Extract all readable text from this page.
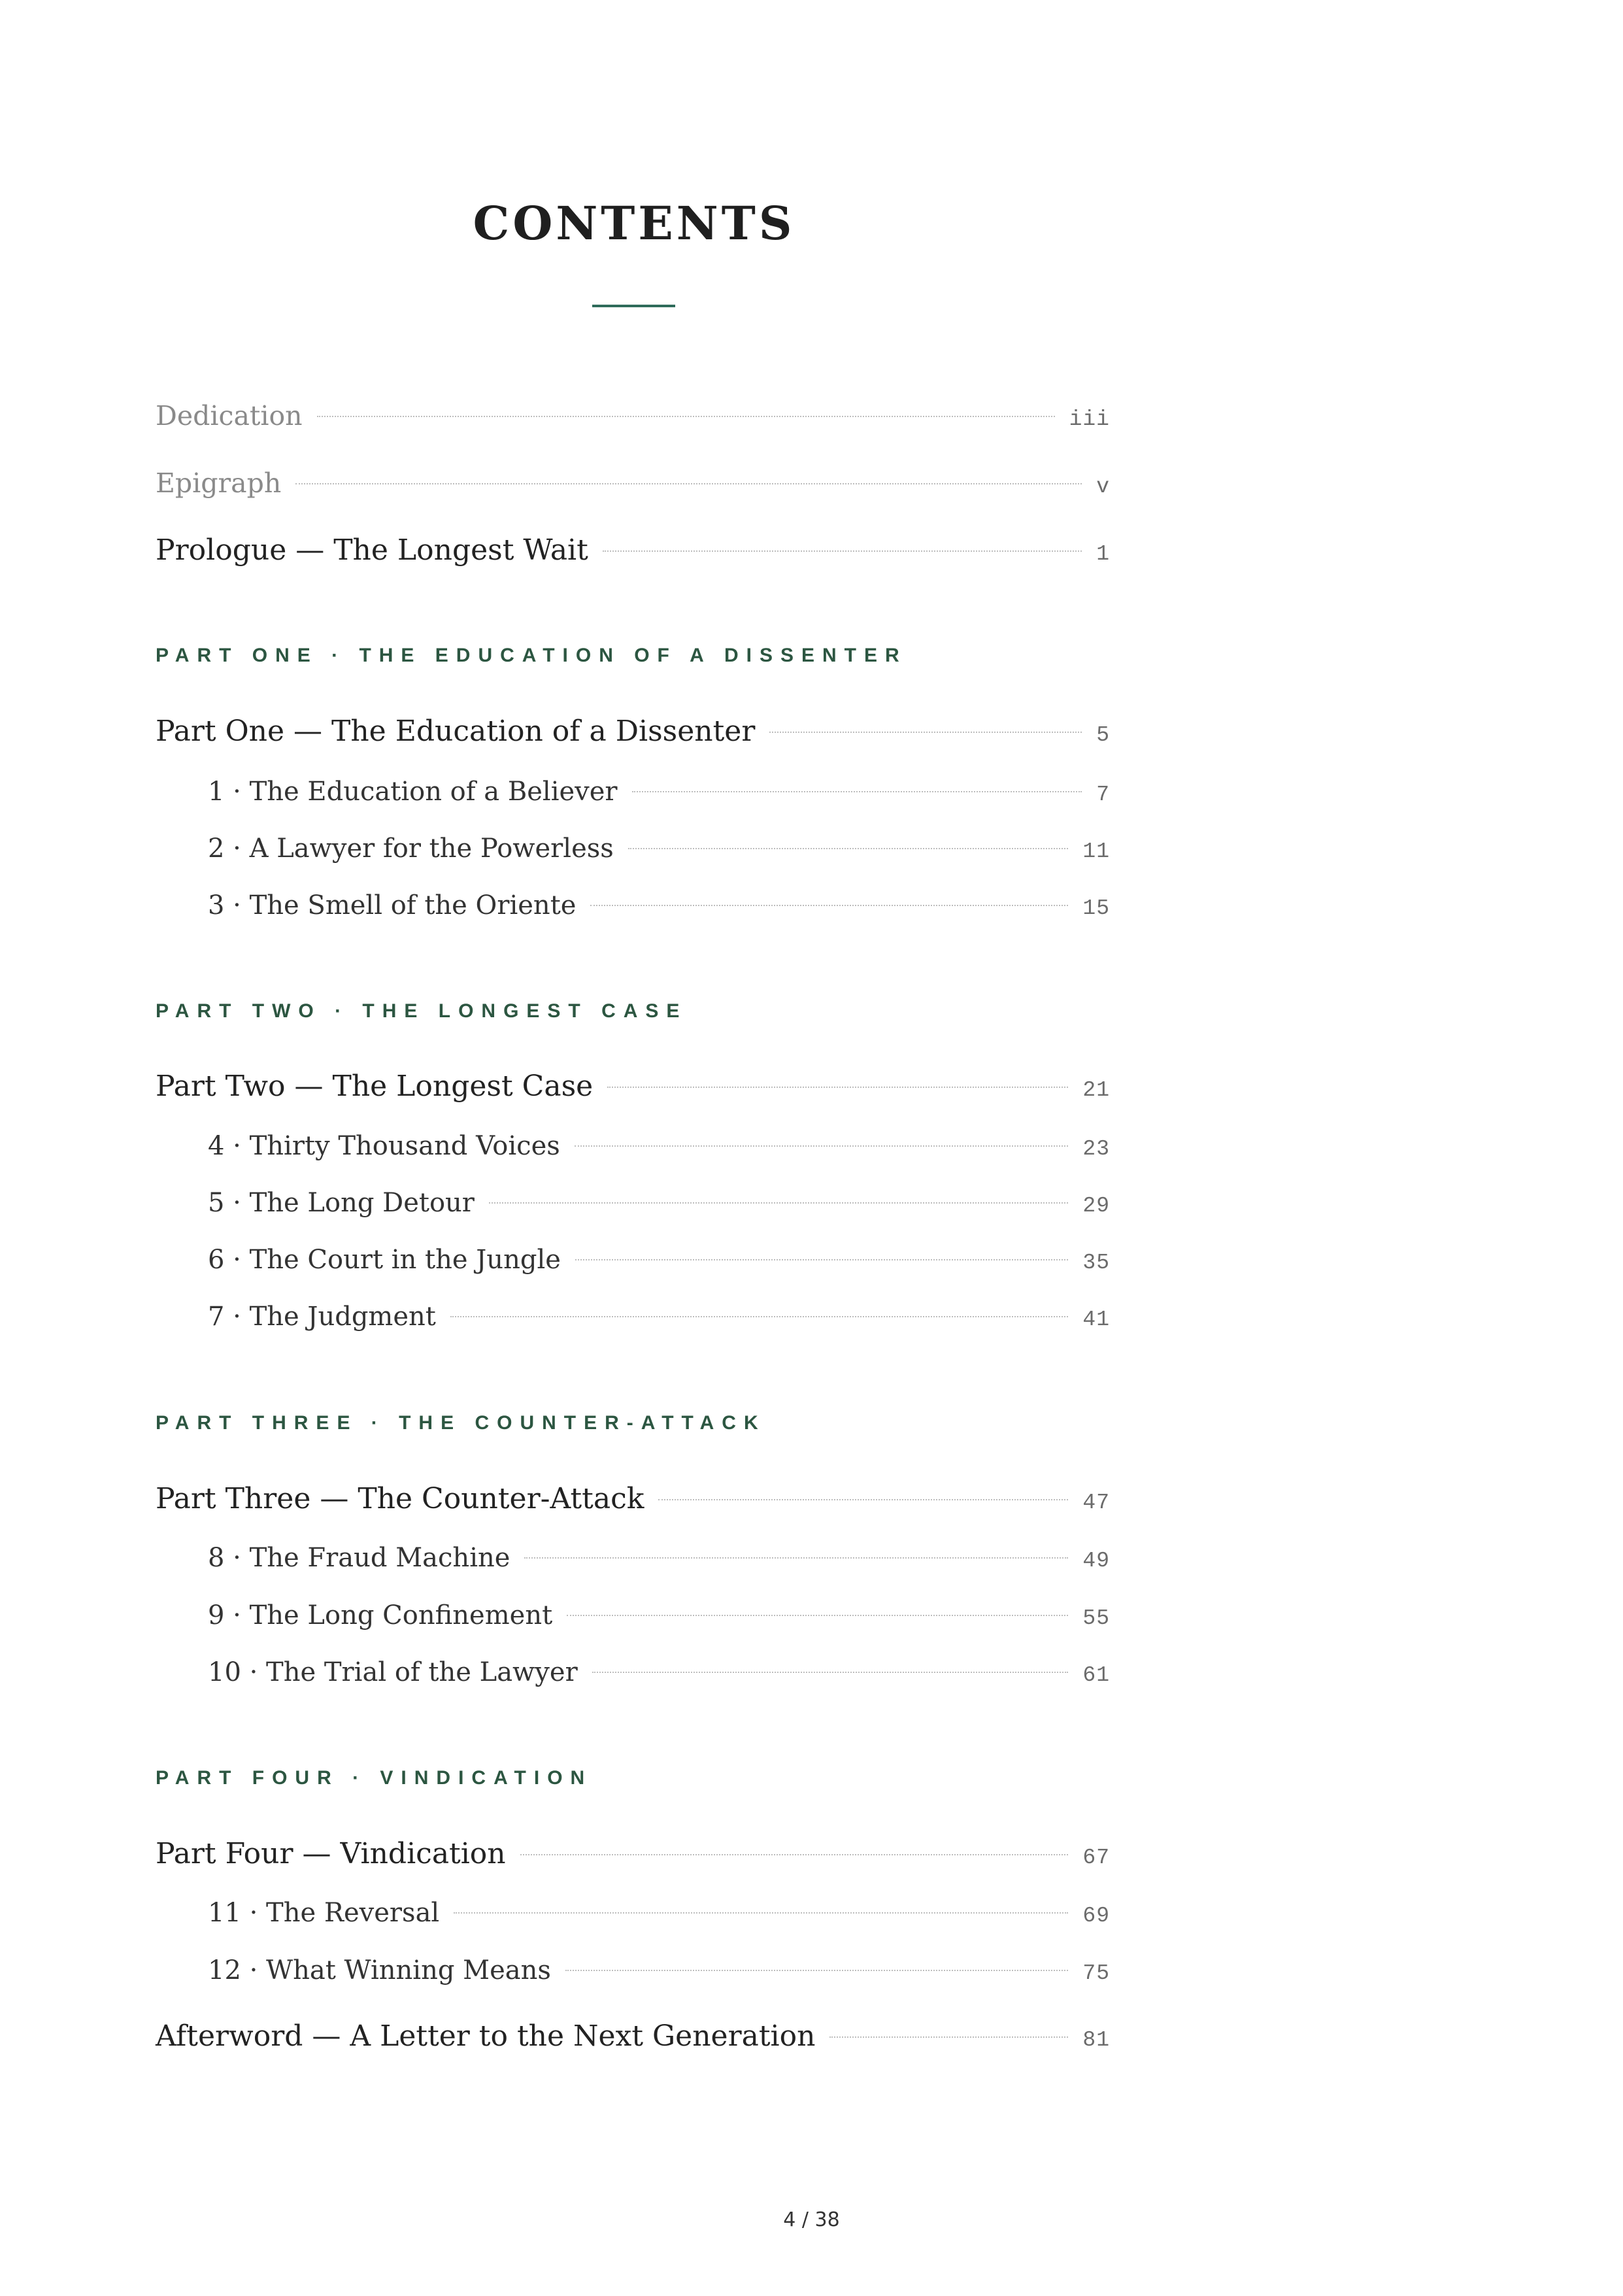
CONTENTS
Dedication	iii
Epigraph	v
Prologue — The Longest Wait	1
PART ONE · THE EDUCATION OF A DISSENTER
Part One — The Education of a Dissenter	5
1 · The Education of a Believer	7
2 · A Lawyer for the Powerless	11
3 · The Smell of the Oriente	15
PART TWO · THE LONGEST CASE
Part Two — The Longest Case	21
4 · Thirty Thousand Voices	23
5 · The Long Detour	29
6 · The Court in the Jungle	35
7 · The Judgment	41
PART THREE · THE COUNTER-ATTACK
Part Three — The Counter-Attack	47
8 · The Fraud Machine	49
9 · The Long Confinement	55
10 · The Trial of the Lawyer	61
PART FOUR · VINDICATION
Part Four — Vindication	67
11 · The Reversal	69
12 · What Winning Means	75
Afterword — A Letter to the Next Generation	81
4 / 38
